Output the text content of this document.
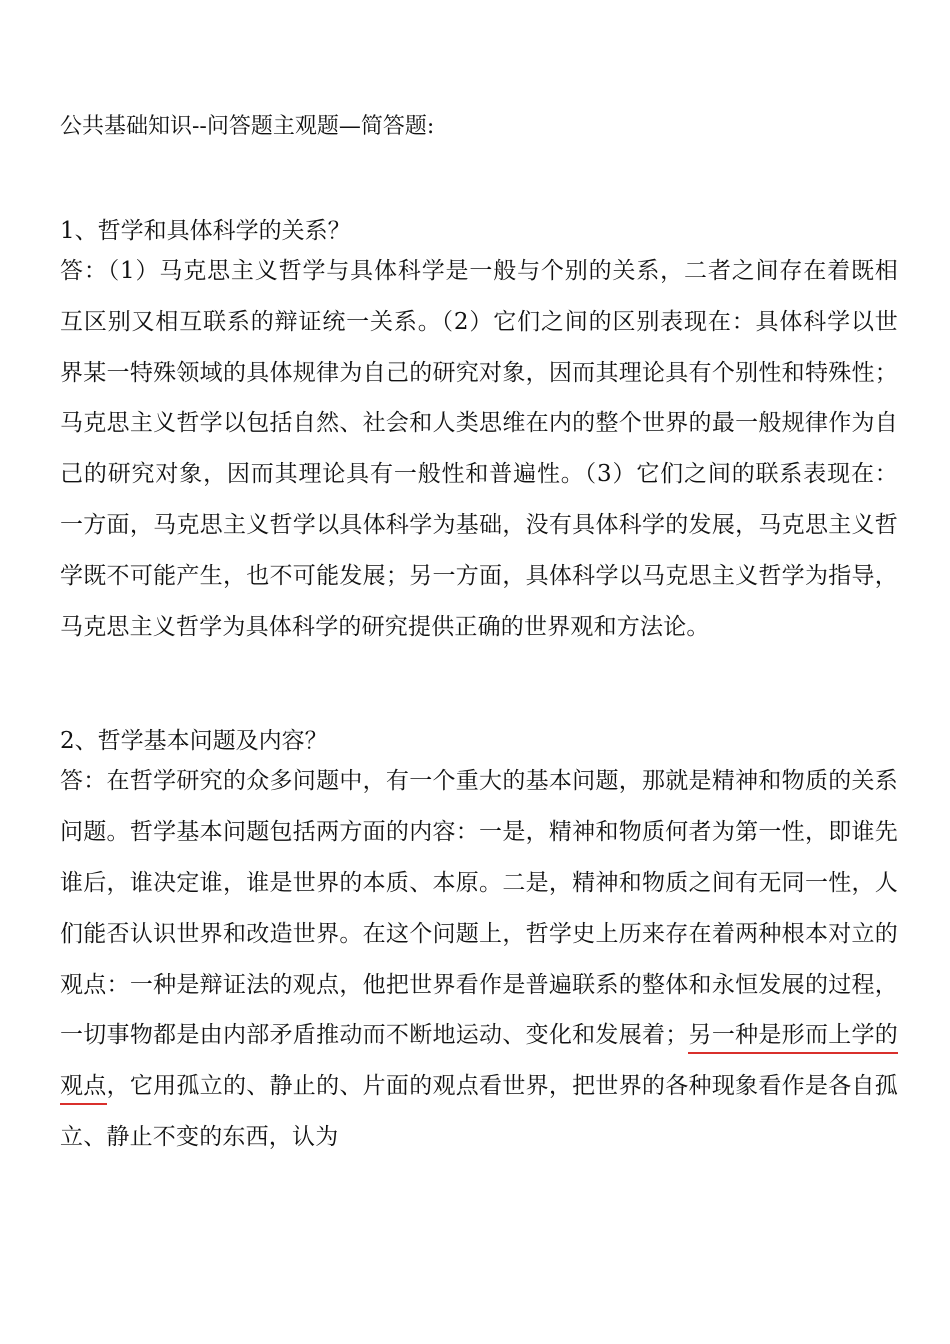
公共基础知识--问答题主观题—简答题:
1、哲学和具体科学的关系？

答：（1）马克思主义哲学与具体科学是一般与个别的关系，二者之间存在着既相互区别又相互联系的辩证统一关系。（2）它们之间的区别表现在：具体科学以世界某一特殊领域的具体规律为自己的研究对象，因而其理论具有个别性和特殊性；马克思主义哲学以包括自然、社会和人类思维在内的整个世界的最一般规律作为自己的研究对象，因而其理论具有一般性和普遍性。（3）它们之间的联系表现在：一方面，马克思主义哲学以具体科学为基础，没有具体科学的发展，马克思主义哲学既不可能产生，也不可能发展；另一方面，具体科学以马克思主义哲学为指导，马克思主义哲学为具体科学的研究提供正确的世界观和方法论。

2、哲学基本问题及内容？

答：在哲学研究的众多问题中，有一个重大的基本问题，那就是精神和物质的关系问题。哲学基本问题包括两方面的内容：一是，精神和物质何者为第一性，即谁先谁后，谁决定谁，谁是世界的本质、本原。二是，精神和物质之间有无同一性，人们能否认识世界和改造世界。在这个问题上，哲学史上历来存在着两种根本对立的观点：一种是辩证法的观点，他把世界看作是普遍联系的整体和永恒发展的过程，一切事物都是由内部矛盾推动而不断地运动、变化和发展着；另一种是形而上学的观点，它用孤立的、静止的、片面的观点看世界，把世界的各种现象看作是各自孤立、静止不变的东西，认为
